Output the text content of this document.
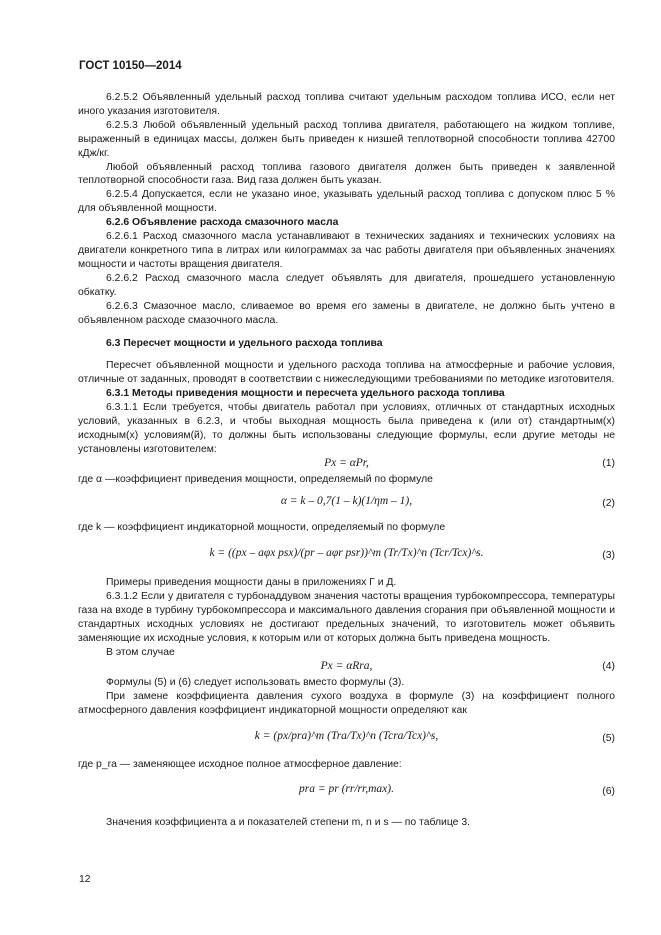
ГОСТ 10150—2014

6.2.5.2 Объявленный удельный расход топлива считают удельным расходом топлива ИСО, если нет иного указания изготовителя.

6.2.5.3 Любой объявленный удельный расход топлива двигателя, работающего на жидком топливе, выраженный в единицах массы, должен быть приведен к низшей теплотворной способности топлива 42700 кДж/кг.

Любой объявленный расход топлива газового двигателя должен быть приведен к заявленной теплотворной способности газа. Вид газа должен быть указан.

6.2.5.4 Допускается, если не указано иное, указывать удельный расход топлива с допуском плюс 5 % для объявленной мощности.

6.2.6 Объявление расхода смазочного масла

6.2.6.1 Расход смазочного масла устанавливают в технических заданиях и технических условиях на двигатели конкретного типа в литрах или килограммах за час работы двигателя при объявленных значениях мощности и частоты вращения двигателя.

6.2.6.2 Расход смазочного масла следует объявлять для двигателя, прошедшего установленную обкатку.

6.2.6.3 Смазочное масло, сливаемое во время его замены в двигателе, не должно быть учтено в объявленном расходе смазочного масла.

6.3 Пересчет мощности и удельного расхода топлива

Пересчет объявленной мощности и удельного расхода топлива на атмосферные и рабочие условия, отличные от заданных, проводят в соответствии с нижеследующими требованиями по методике изготовителя.

6.3.1 Методы приведения мощности и пересчета удельного расхода топлива

6.3.1.1 Если требуется, чтобы двигатель работал при условиях, отличных от стандартных исходных условий, указанных в 6.2.3, и чтобы выходная мощность была приведена к (или от) стандартным(х) исходным(х) условиям(й), то должны быть использованы следующие формулы, если другие методы не установлены изготовителем:

Px = αPr,	(1)

где α —коэффициент приведения мощности, определяемый по формуле

α = k – 0,7(1 – k)(1/ηm – 1),	(2)

где k — коэффициент индикаторной мощности, определяемый по формуле

k = ((px – aφx psx)/(pr – aφr psr))^m (Tr/Tx)^n (Tcr/Tcx)^s.	(3)

Примеры приведения мощности даны в приложениях Г и Д.

6.3.1.2 Если у двигателя с турбонаддувом значения частоты вращения турбокомпрессора, температуры газа на входе в турбину турбокомпрессора и максимального давления сгорания при объявленной мощности и стандартных исходных условиях не достигают предельных значений, то изготовитель может объявить заменяющие их исходные условия, к которым или от которых должна быть приведена мощность.

В этом случае

Px = αRra,	(4)

Формулы (5) и (6) следует использовать вместо формулы (3).

При замене коэффициента давления сухого воздуха в формуле (3) на коэффициент полного атмосферного давления коэффициент индикаторной мощности определяют как

k = (px/pra)^m (Tra/Tx)^n (Tcra/Tcx)^s,	(5)

где p_ra — заменяющее исходное полное атмосферное давление:

pra = pr (rr/rr,max).	(6)

Значения коэффициента a и показателей степени m, n и s — по таблице 3.

12
